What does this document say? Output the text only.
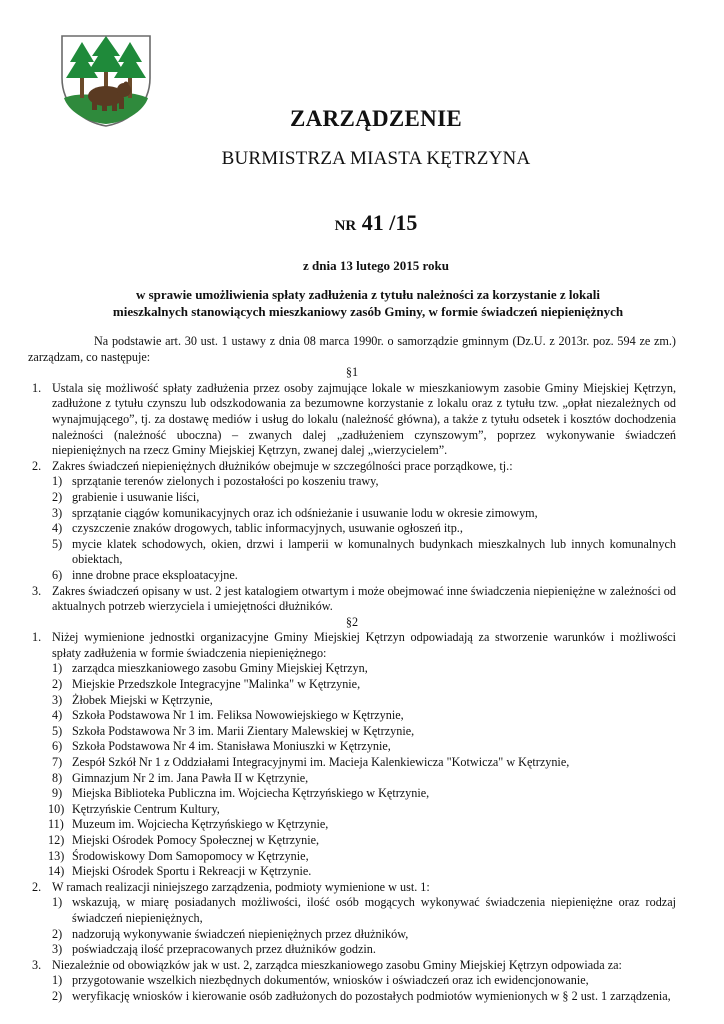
ZARZĄDZENIE
BURMISTRZA MIASTA KĘTRZYNA
NR 41 /15
z dnia 13 lutego 2015 roku
w sprawie umożliwienia spłaty zadłużenia z tytułu należności za korzystanie z lokali
mieszkalnych stanowiących mieszkaniowy zasób Gminy, w formie świadczeń niepieniężnych

Na podstawie art. 30 ust. 1 ustawy z dnia 08 marca 1990r. o samorządzie gminnym (Dz.U. z 2013r. poz. 594 ze zm.) zarządzam, co następuje:

§1

1. Ustala się możliwość spłaty zadłużenia przez osoby zajmujące lokale w mieszkaniowym zasobie Gminy Miejskiej Kętrzyn, zadłużone z tytułu czynszu lub odszkodowania za bezumowne korzystanie z lokalu oraz z tytułu tzw. „opłat niezależnych od wynajmującego”, tj. za dostawę mediów i usług do lokalu (należność główna), a także z tytułu odsetek i kosztów dochodzenia należności (należność uboczna) – zwanych dalej „zadłużeniem czynszowym”, poprzez wykonywanie świadczeń niepieniężnych na rzecz Gminy Miejskiej Kętrzyn, zwanej dalej „wierzycielem”.
2. Zakres świadczeń niepieniężnych dłużników obejmuje w szczególności prace porządkowe, tj.:
1) sprzątanie terenów zielonych i pozostałości po koszeniu trawy,
2) grabienie i usuwanie liści,
3) sprzątanie ciągów komunikacyjnych oraz ich odśnieżanie i usuwanie lodu w okresie zimowym,
4) czyszczenie znaków drogowych, tablic informacyjnych, usuwanie ogłoszeń itp.,
5) mycie klatek schodowych, okien, drzwi i lamperii w komunalnych budynkach mieszkalnych lub innych komunalnych obiektach,
6) inne drobne prace eksploatacyjne.
3. Zakres świadczeń opisany w ust. 2 jest katalogiem otwartym i może obejmować inne świadczenia niepieniężne w zależności od aktualnych potrzeb wierzyciela i umiejętności dłużników.

§2

1. Niżej wymienione jednostki organizacyjne Gminy Miejskiej Kętrzyn odpowiadają za stworzenie warunków i możliwości spłaty zadłużenia w formie świadczenia niepieniężnego:
1) zarządca mieszkaniowego zasobu Gminy Miejskiej Kętrzyn,
2) Miejskie Przedszkole Integracyjne "Malinka" w Kętrzynie,
3) Żłobek Miejski w Kętrzynie,
4) Szkoła Podstawowa Nr 1 im. Feliksa Nowowiejskiego w Kętrzynie,
5) Szkoła Podstawowa Nr 3 im. Marii Zientary Malewskiej w Kętrzynie,
6) Szkoła Podstawowa Nr 4 im. Stanisława Moniuszki w Kętrzynie,
7) Zespół Szkół Nr 1 z Oddziałami Integracyjnymi im. Macieja Kalenkiewicza "Kotwicza" w Kętrzynie,
8) Gimnazjum Nr 2 im. Jana Pawła II w Kętrzynie,
9) Miejska Biblioteka Publiczna im. Wojciecha Kętrzyńskiego w Kętrzynie,
10) Kętrzyńskie Centrum Kultury,
11) Muzeum im. Wojciecha Kętrzyńskiego w Kętrzynie,
12) Miejski Ośrodek Pomocy Społecznej w Kętrzynie,
13) Środowiskowy Dom Samopomocy w Kętrzynie,
14) Miejski Ośrodek Sportu i Rekreacji w Kętrzynie.
2. W ramach realizacji niniejszego zarządzenia, podmioty wymienione w ust. 1:
1) wskazują, w miarę posiadanych możliwości, ilość osób mogących wykonywać świadczenia niepieniężne oraz rodzaj świadczeń niepieniężnych,
2) nadzorują wykonywanie świadczeń niepieniężnych przez dłużników,
3) poświadczają ilość przepracowanych przez dłużników godzin.
3. Niezależnie od obowiązków jak w ust. 2, zarządca mieszkaniowego zasobu Gminy Miejskiej Kętrzyn odpowiada za:
1) przygotowanie wszelkich niezbędnych dokumentów, wniosków i oświadczeń oraz ich ewidencjonowanie,
2) weryfikację wniosków i kierowanie osób zadłużonych do pozostałych podmiotów wymienionych w § 2 ust. 1 zarządzenia,
